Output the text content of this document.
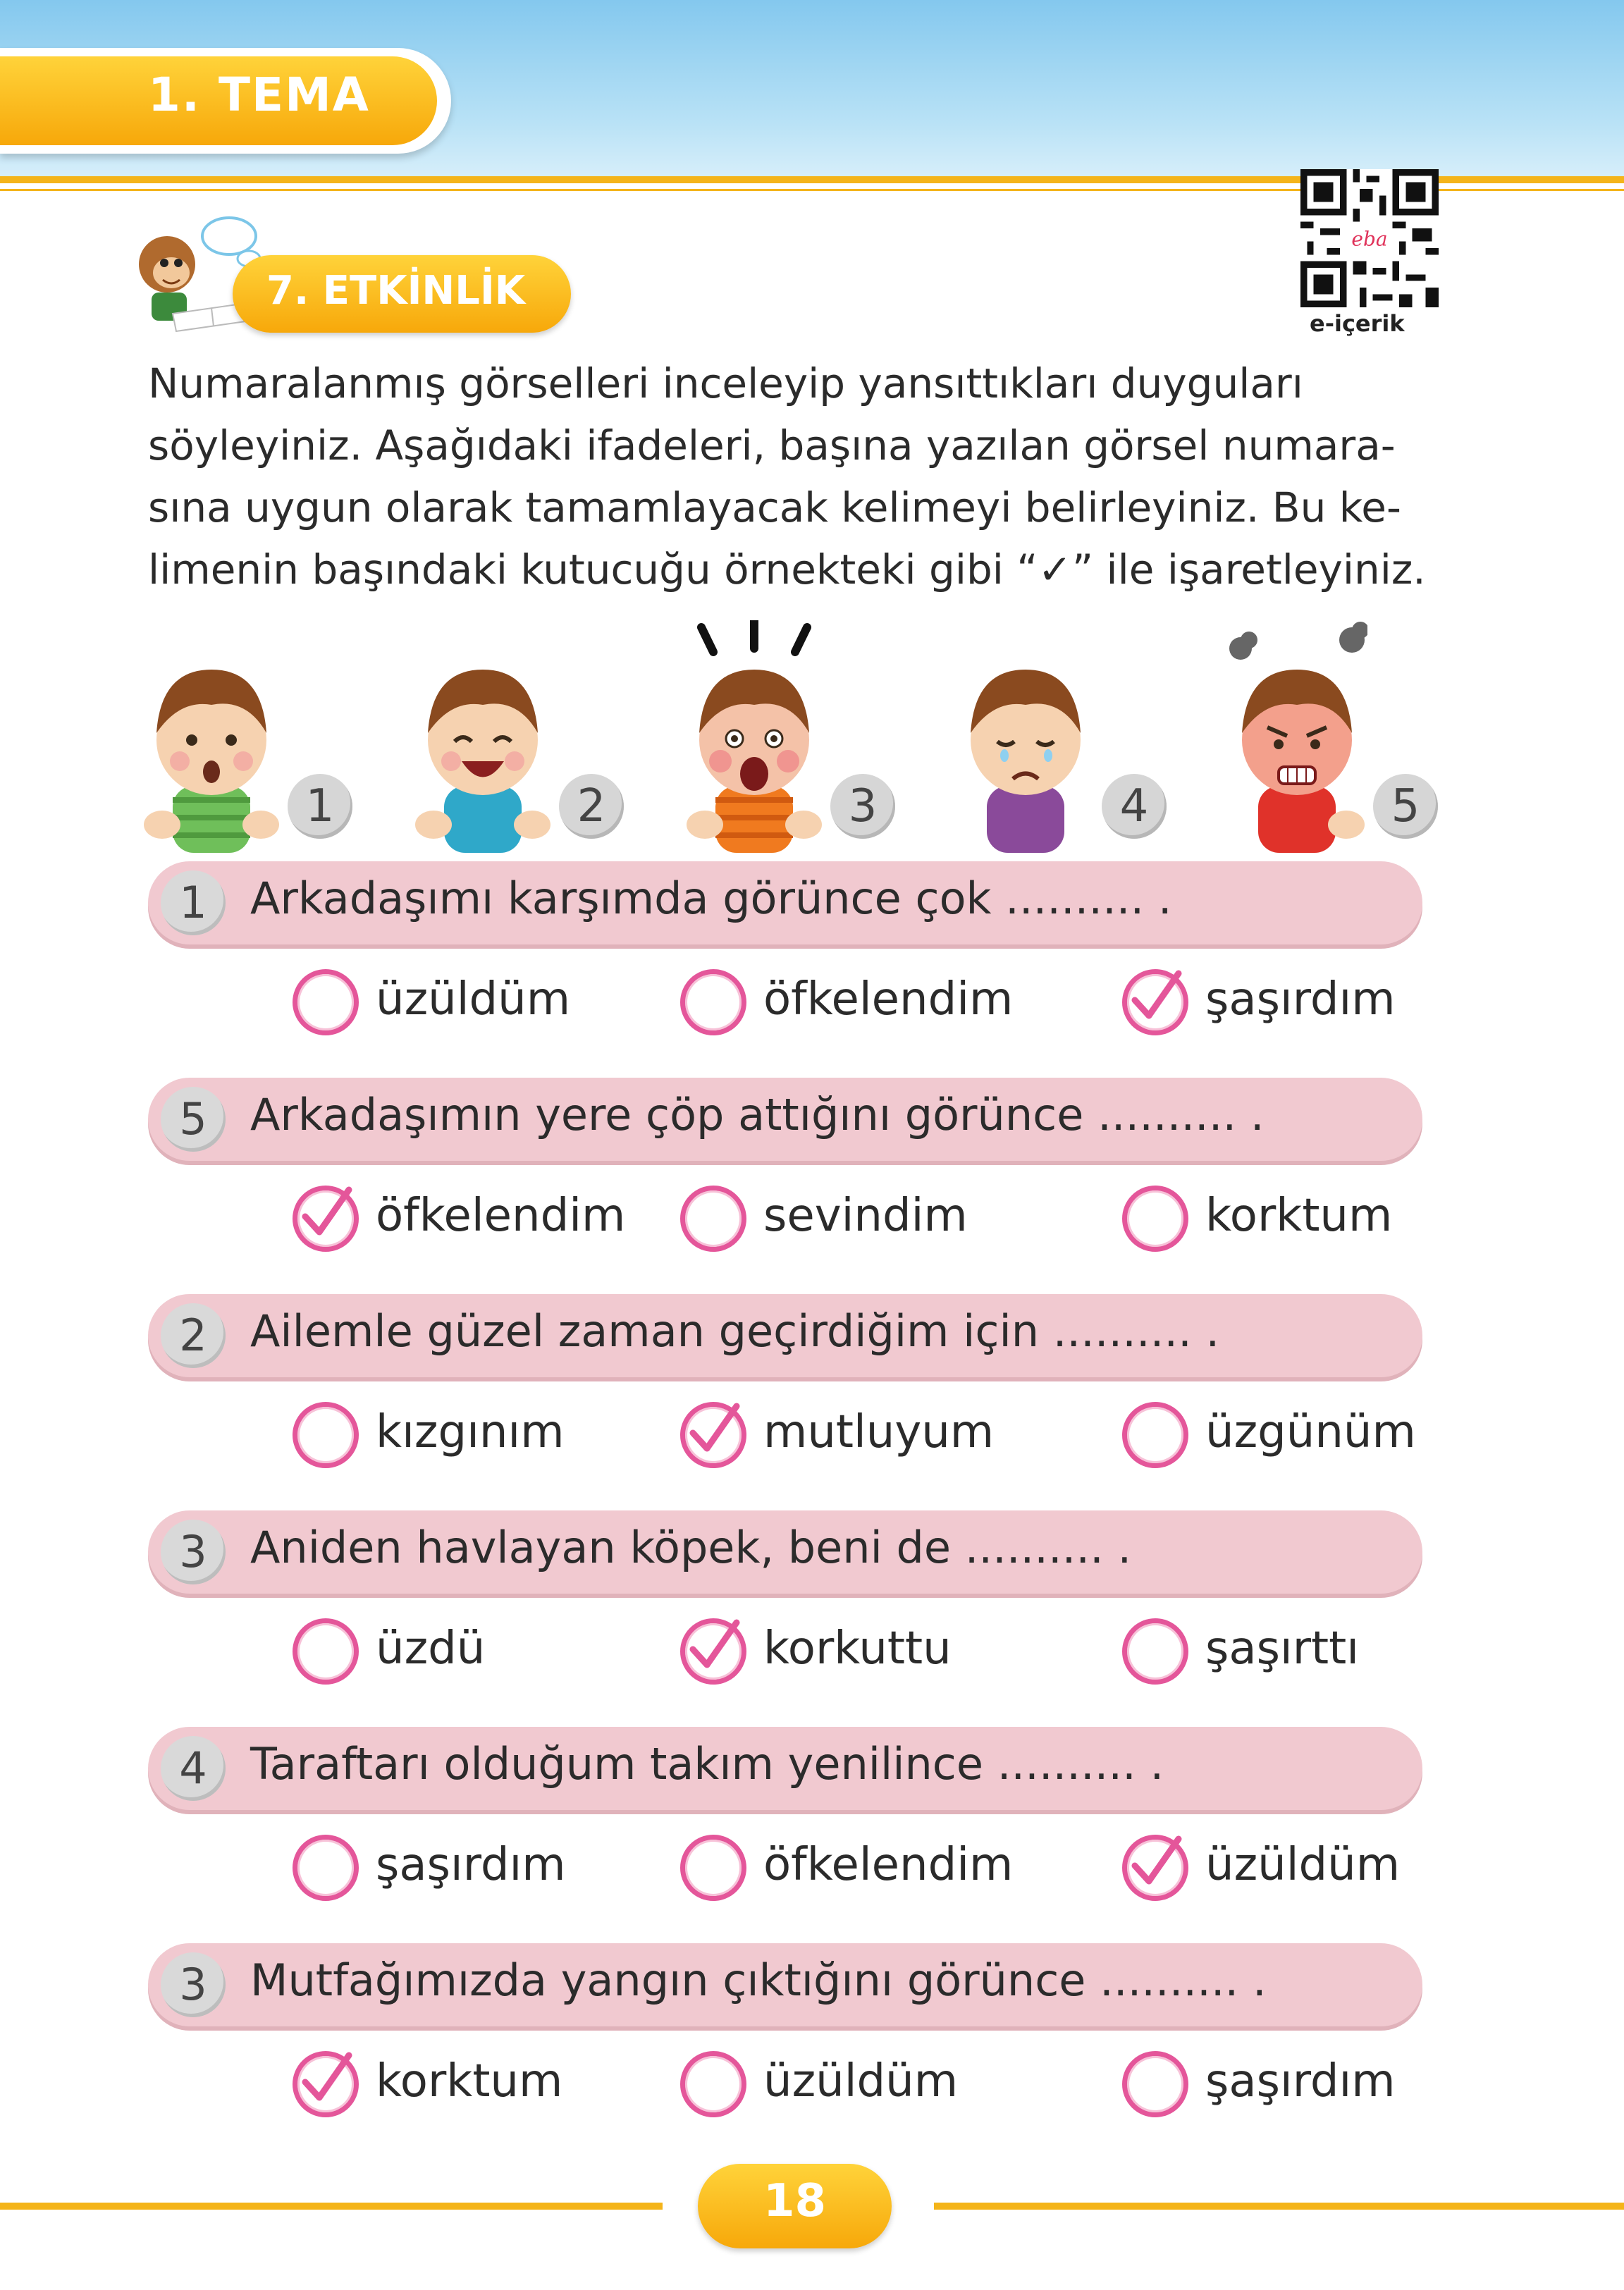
1. TEMA
7. ETKİNLİK
eba
e-içerik

Numaralanmış görselleri inceleyip yansıttıkları duyguları

söyleyiniz. Aşağıdaki ifadeleri, başına yazılan görsel numara-

sına uygun olarak tamamlayacak kelimeyi belirleyiniz. Bu ke-

limenin başındaki kutucuğu örnekteki gibi “✓” ile işaretleyiniz.

1	2	3	4	5
1 Arkadaşımı karşımda görünce çok .......... .
üzüldüm	öfkelendim	şaşırdım
5 Arkadaşımın yere çöp attığını görünce .......... .
öfkelendim	sevindim	korktum
2 Ailemle güzel zaman geçirdiğim için .......... .
kızgınım	mutluyum	üzgünüm
3 Aniden havlayan köpek, beni de .......... .
üzdü	korkuttu	şaşırttı
4 Taraftarı olduğum takım yenilince .......... .
şaşırdım	öfkelendim	üzüldüm
3 Mutfağımızda yangın çıktığını görünce .......... .
korktum	üzüldüm	şaşırdım
18
